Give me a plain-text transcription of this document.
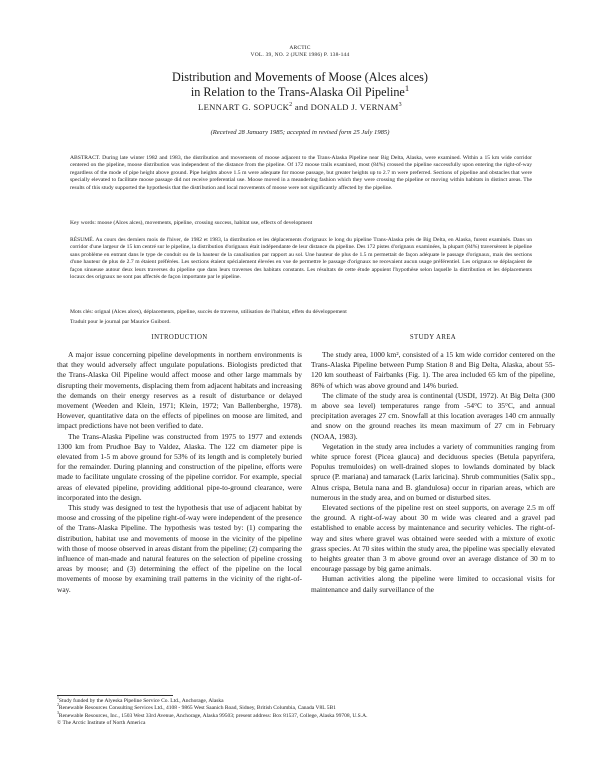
ARCTIC
VOL. 39, NO. 2 (JUNE 1986) P. 138-144
Distribution and Movements of Moose (Alces alces)
in Relation to the Trans-Alaska Oil Pipeline$^1$
LENNART G. SOPUCK$^2$ and DONALD J. VERNAM$^3$
(Received 28 January 1985; accepted in revised form 25 July 1985)

ABSTRACT. During late winter 1982 and 1983, the distribution and movements of moose adjacent to the Trans-Alaska Pipeline near Big Delta, Alaska, were examined. Within a 15 km wide corridor centered on the pipeline, moose distribution was independent of the distance from the pipeline. Of 172 moose trails examined, most (84%) crossed the pipeline successfully upon entering the right-of-way regardless of the mode of pipe height above ground. Pipe heights above 1.5 m were adequate for moose passage, but greater heights up to 2.7 m were preferred. Sections of pipeline and obstacles that were specially elevated to facilitate moose passage did not receive preferential use. Moose moved in a meandering fashion which they were crossing the pipeline or moving within habitats in distinct areas. The results of this study supported the hypothesis that the distribution and local movements of moose were not significantly affected by the pipeline.

Key words: moose (Alces alces), movements, pipeline, crossing success, habitat use, effects of development

RÉSUMÉ. Au cours des derniers mois de l'hiver, de 1982 et 1983, la distribution et les déplacements d'orignaux le long du pipeline Trans-Alaska près de Big Delta, en Alaska, furent examinés. Dans un corridor d'une largeur de 15 km centré sur le pipeline, la distribution d'orignaux était indépendante de leur distance du pipeline. Des 172 pistes d'orignaux examinées, la plupart (84%) traversèrent le pipeline sans problème en entrant dans le type de conduit ou de la hauteur de la canalisation par rapport au sol. Une hauteur de plus de 1.5 m permettait de façon adéquate le passage d'orignaux, mais des sections d'une hauteur de plus de 2.7 m étaient préférées. Les sections étaient spécialement élevées en vue de permettre le passage d'orignaux ne recevaient aucun usage préférentiel. Les orignaux se déplaçaient de façon sinueuse autour deux leurs traverses du pipeline que dans leurs traverses des habitats constants. Les résultats de cette étude appuient l'hypothèse selon laquelle la distribution et les déplacements locaux des orignaux ne sont pas affectés de façon importante par le pipeline.

Mots clés: orignal (Alces alces), déplacements, pipeline, succès de traverse, utilisation de l'habitat, effets du développement

Traduit pour le journal par Maurice Guibord.

INTRODUCTION	STUDY AREA

A major issue concerning pipeline developments in northern environments is that they would adversely affect ungulate populations. Biologists predicted that the Trans-Alaska Oil Pipeline would affect moose and other large mammals by disrupting their movements, displacing them from adjacent habitats and increasing the demands on their energy reserves as a result of disturbance or delayed movement (Weeden and Klein, 1971; Klein, 1972; Van Ballenberghe, 1978). However, quantitative data on the effects of pipelines on moose are limited, and impact predictions have not been verified to date.

The Trans-Alaska Pipeline was constructed from 1975 to 1977 and extends 1300 km from Prudhoe Bay to Valdez, Alaska. The 122 cm diameter pipe is elevated from 1-5 m above ground for 53% of its length and is completely buried for the remainder. During planning and construction of the pipeline, efforts were made to facilitate ungulate crossing of the pipeline corridor. For example, special areas of elevated pipeline, providing additional pipe-to-ground clearance, were incorporated into the design.

This study was designed to test the hypothesis that use of adjacent habitat by moose and crossing of the pipeline right-of-way were independent of the presence of the Trans-Alaska Pipeline. The hypothesis was tested by: (1) comparing the distribution, habitat use and movements of moose in the vicinity of the pipeline with those of moose observed in areas distant from the pipeline; (2) comparing the influence of man-made and natural features on the selection of pipeline crossing areas by moose; and (3) determining the effect of the pipeline on the local movements of moose by examining trail patterns in the vicinity of the right-of-way.

The study area, 1000 km², consisted of a 15 km wide corridor centered on the Trans-Alaska Pipeline between Pump Station 8 and Big Delta, Alaska, about 55-120 km southeast of Fairbanks (Fig. 1). The area included 65 km of the pipeline, 86% of which was above ground and 14% buried.

The climate of the study area is continental (USDI, 1972). At Big Delta (300 m above sea level) temperatures range from -54°C to 35°C, and annual precipitation averages 27 cm. Snowfall at this location averages 140 cm annually and snow on the ground reaches its mean maximum of 27 cm in February (NOAA, 1983).

Vegetation in the study area includes a variety of communities ranging from white spruce forest (Picea glauca) and deciduous species (Betula papyrifera, Populus tremuloides) on well-drained slopes to lowlands dominated by black spruce (P. mariana) and tamarack (Larix laricina). Shrub communities (Salix spp., Alnus crispa, Betula nana and B. glandulosa) occur in riparian areas, which are numerous in the study area, and on burned or disturbed sites.

Elevated sections of the pipeline rest on steel supports, on average 2.5 m off the ground. A right-of-way about 30 m wide was cleared and a gravel pad established to enable access by maintenance and security vehicles. The right-of-way and sites where gravel was obtained were seeded with a mixture of exotic grass species. At 70 sites within the study area, the pipeline was specially elevated to heights greater than 3 m above ground over an average distance of 30 m to encourage passage by big game animals.

Human activities along the pipeline were limited to occasional visits for maintenance and daily surveillance of the

$^1$Study funded by the Alyeska Pipeline Service Co. Ltd., Anchorage, Alaska
$^2$Renewable Resources Consulting Services Ltd., 4108 - 9865 West Saanich Road, Sidney, British Columbia, Canada V8L 5B1
$^3$Renewable Resources, Inc., 1503 West 33rd Avenue, Anchorage, Alaska 99503; present address: Box 81537, College, Alaska 99708, U.S.A.
© The Arctic Institute of North America
